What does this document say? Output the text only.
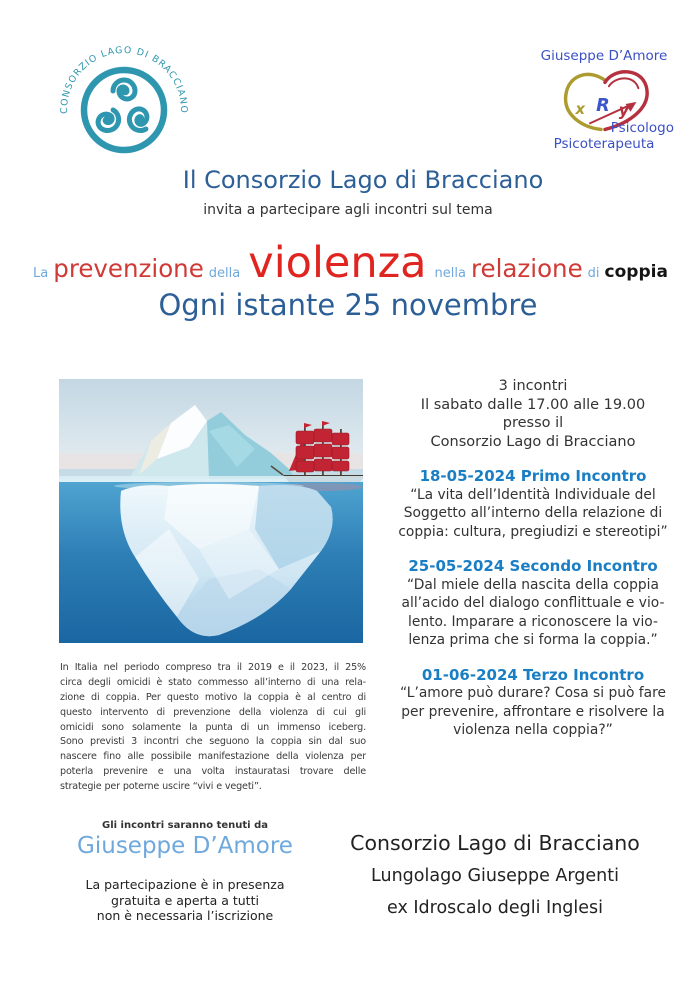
CONSORZIO LAGO DI BRACCIANO
Giuseppe D’Amore
x R y
Psicologo
Psicoterapeuta
Il Consorzio Lago di Bracciano
invita a partecipare agli incontri sul tema
La prevenzione della violenza nella relazione di coppia
Ogni istante 25 novembre
3 incontri
Il sabato dalle 17.00 alle 19.00
presso il
Consorzio Lago di Bracciano
18-05-2024 Primo Incontro
“La vita dell’Identità Individuale del
Soggetto all’interno della relazione di
coppia: cultura, pregiudizi e stereotipi”
25-05-2024 Secondo Incontro
“Dal miele della nascita della coppia
all’acido del dialogo conflittuale e vio-
lento. Imparare a riconoscere la vio-
lenza prima che si forma la coppia.”
01-06-2024 Terzo Incontro
“L’amore può durare? Cosa si può fare
per prevenire, affrontare e risolvere la
violenza nella coppia?”
In Italia nel periodo compreso tra il 2019 e il 2023, il 25%
circa degli omicidi è stato commesso all’interno di una rela-
zione di coppia. Per questo motivo la coppia è al centro di
questo intervento di prevenzione della violenza di cui gli
omicidi sono solamente la punta di un immenso iceberg.
Sono previsti 3 incontri che seguono la coppia sin dal suo
nascere fino alle possibile manifestazione della violenza per
poterla prevenire e una volta instauratasi trovare delle
strategie per poterne uscire “vivi e vegeti”.
Gli incontri saranno tenuti da
Giuseppe D’Amore
La partecipazione è in presenza
gratuita e aperta a tutti
non è necessaria l’iscrizione
Consorzio Lago di Bracciano
Lungolago Giuseppe Argenti
ex Idroscalo degli Inglesi
